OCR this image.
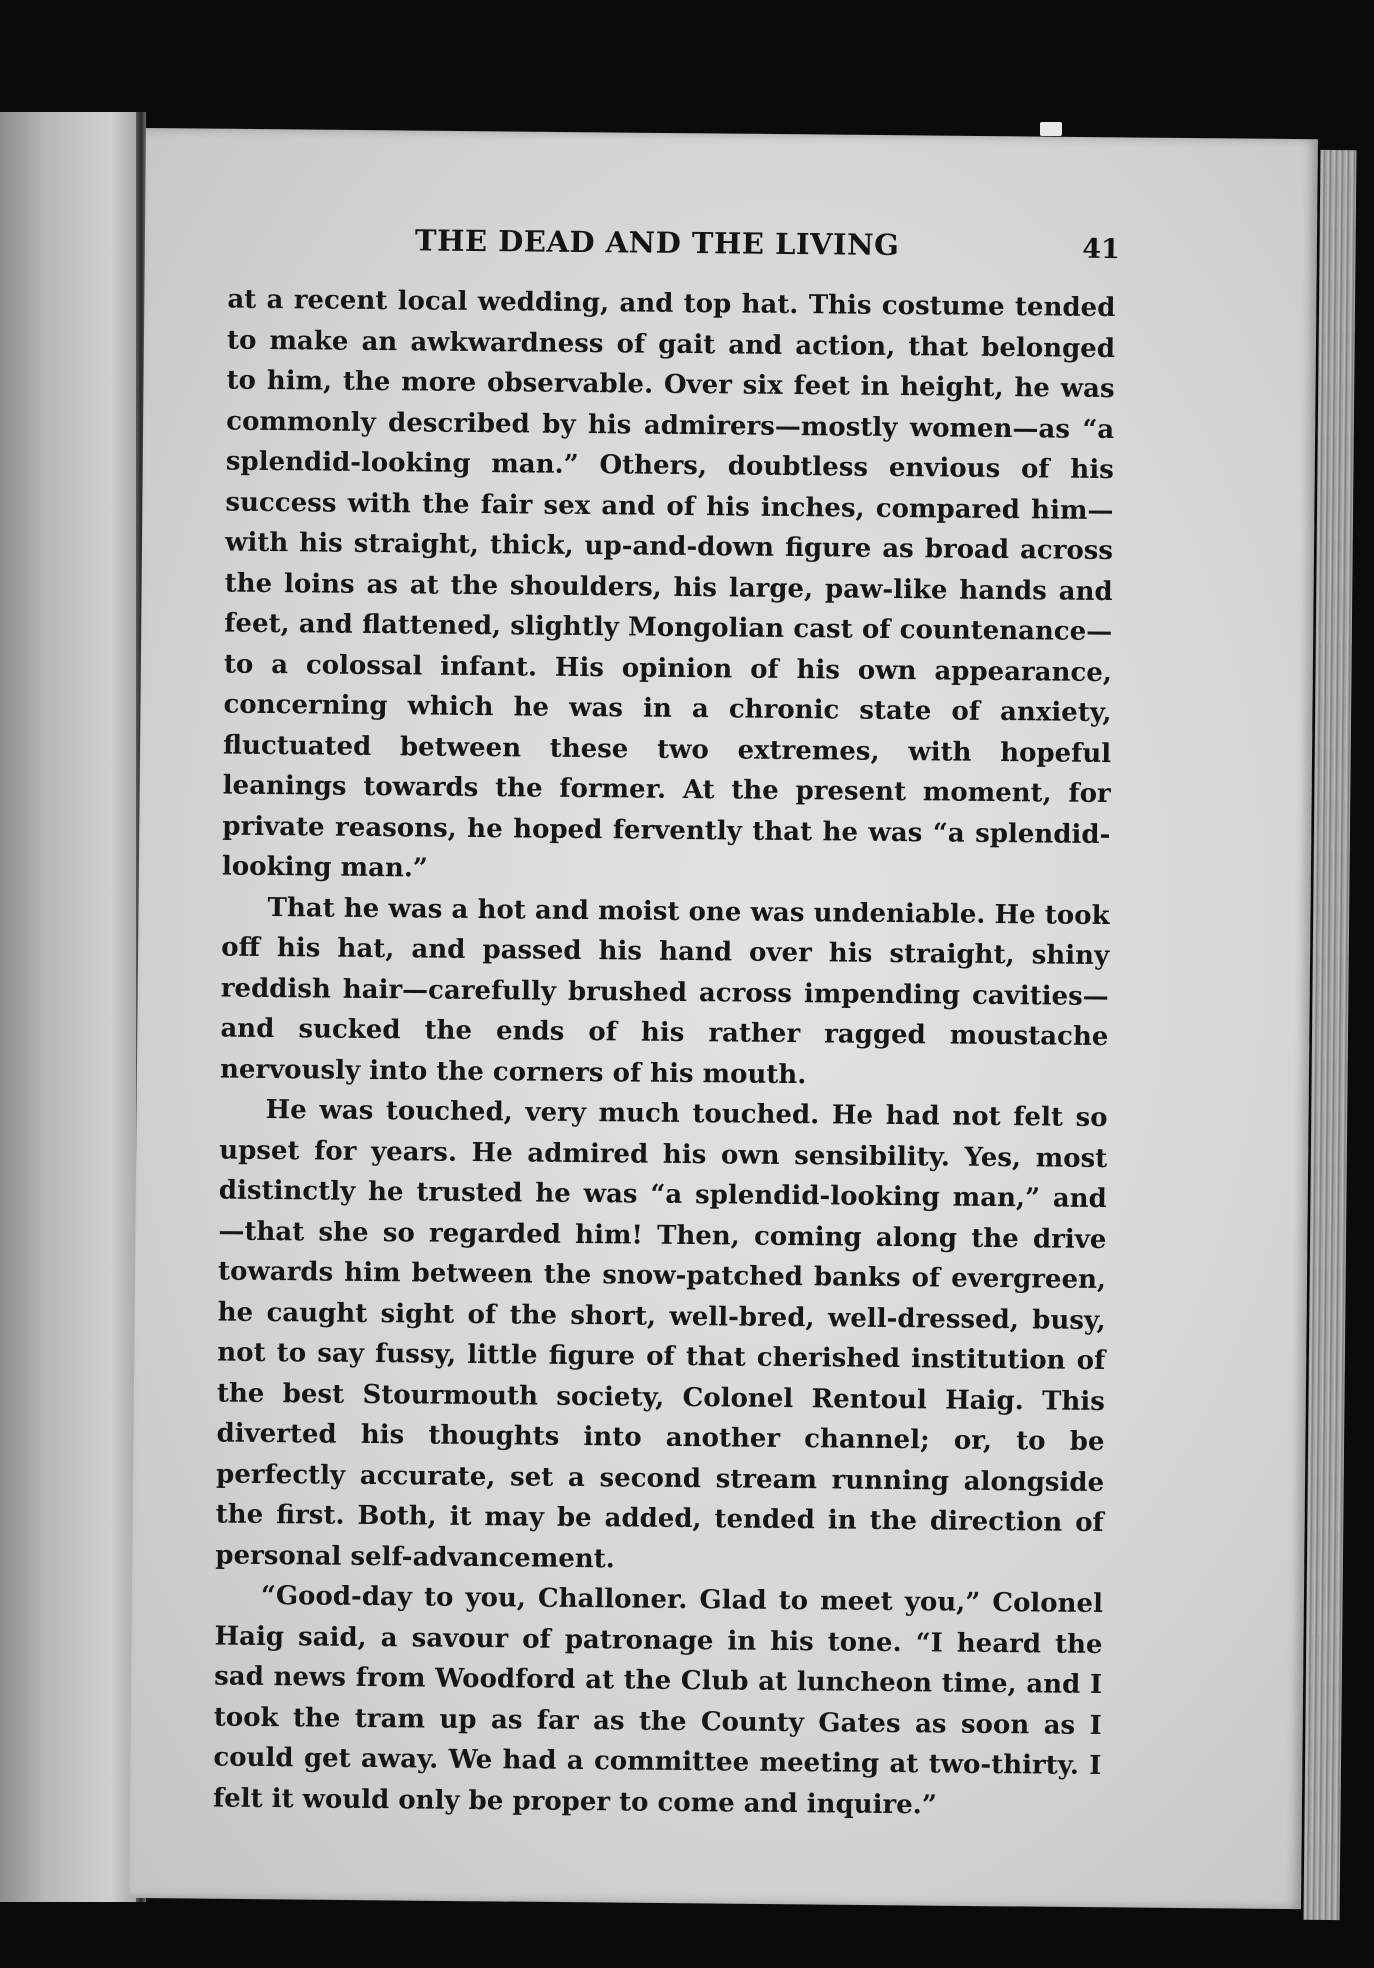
THE DEAD AND THE LIVING	41

at a recent local wedding, and top hat. This costume tended to make an awkwardness of gait and action, that belonged to him, the more observable. Over six feet in height, he was commonly described by his admirers—mostly women—as “a splendid-looking man.” Others, doubtless envious of his success with the fair sex and of his inches, compared him—with his straight, thick, up-and-down figure as broad across the loins as at the shoulders, his large, paw-like hands and feet, and flattened, slightly Mongolian cast of countenance—to a colossal infant. His opinion of his own appearance, concerning which he was in a chronic state of anxiety, fluctuated between these two extremes, with hopeful leanings towards the former. At the present moment, for private reasons, he hoped fervently that he was “a splendid-looking man.”

That he was a hot and moist one was undeniable. He took off his hat, and passed his hand over his straight, shiny reddish hair—carefully brushed across impending cavities—and sucked the ends of his rather ragged moustache nervously into the corners of his mouth.

He was touched, very much touched. He had not felt so upset for years. He admired his own sensibility. Yes, most distinctly he trusted he was “a splendid-looking man,” and —that she so regarded him! Then, coming along the drive towards him between the snow-patched banks of evergreen, he caught sight of the short, well-bred, well-dressed, busy, not to say fussy, little figure of that cherished institution of the best Stourmouth society, Colonel Rentoul Haig. This diverted his thoughts into another channel; or, to be perfectly accurate, set a second stream running alongside the first. Both, it may be added, tended in the direction of personal self-advancement.

“Good-day to you, Challoner. Glad to meet you,” Colonel Haig said, a savour of patronage in his tone. “I heard the sad news from Woodford at the Club at luncheon time, and I took the tram up as far as the County Gates as soon as I could get away. We had a committee meeting at two-thirty. I felt it would only be proper to come and inquire.”
